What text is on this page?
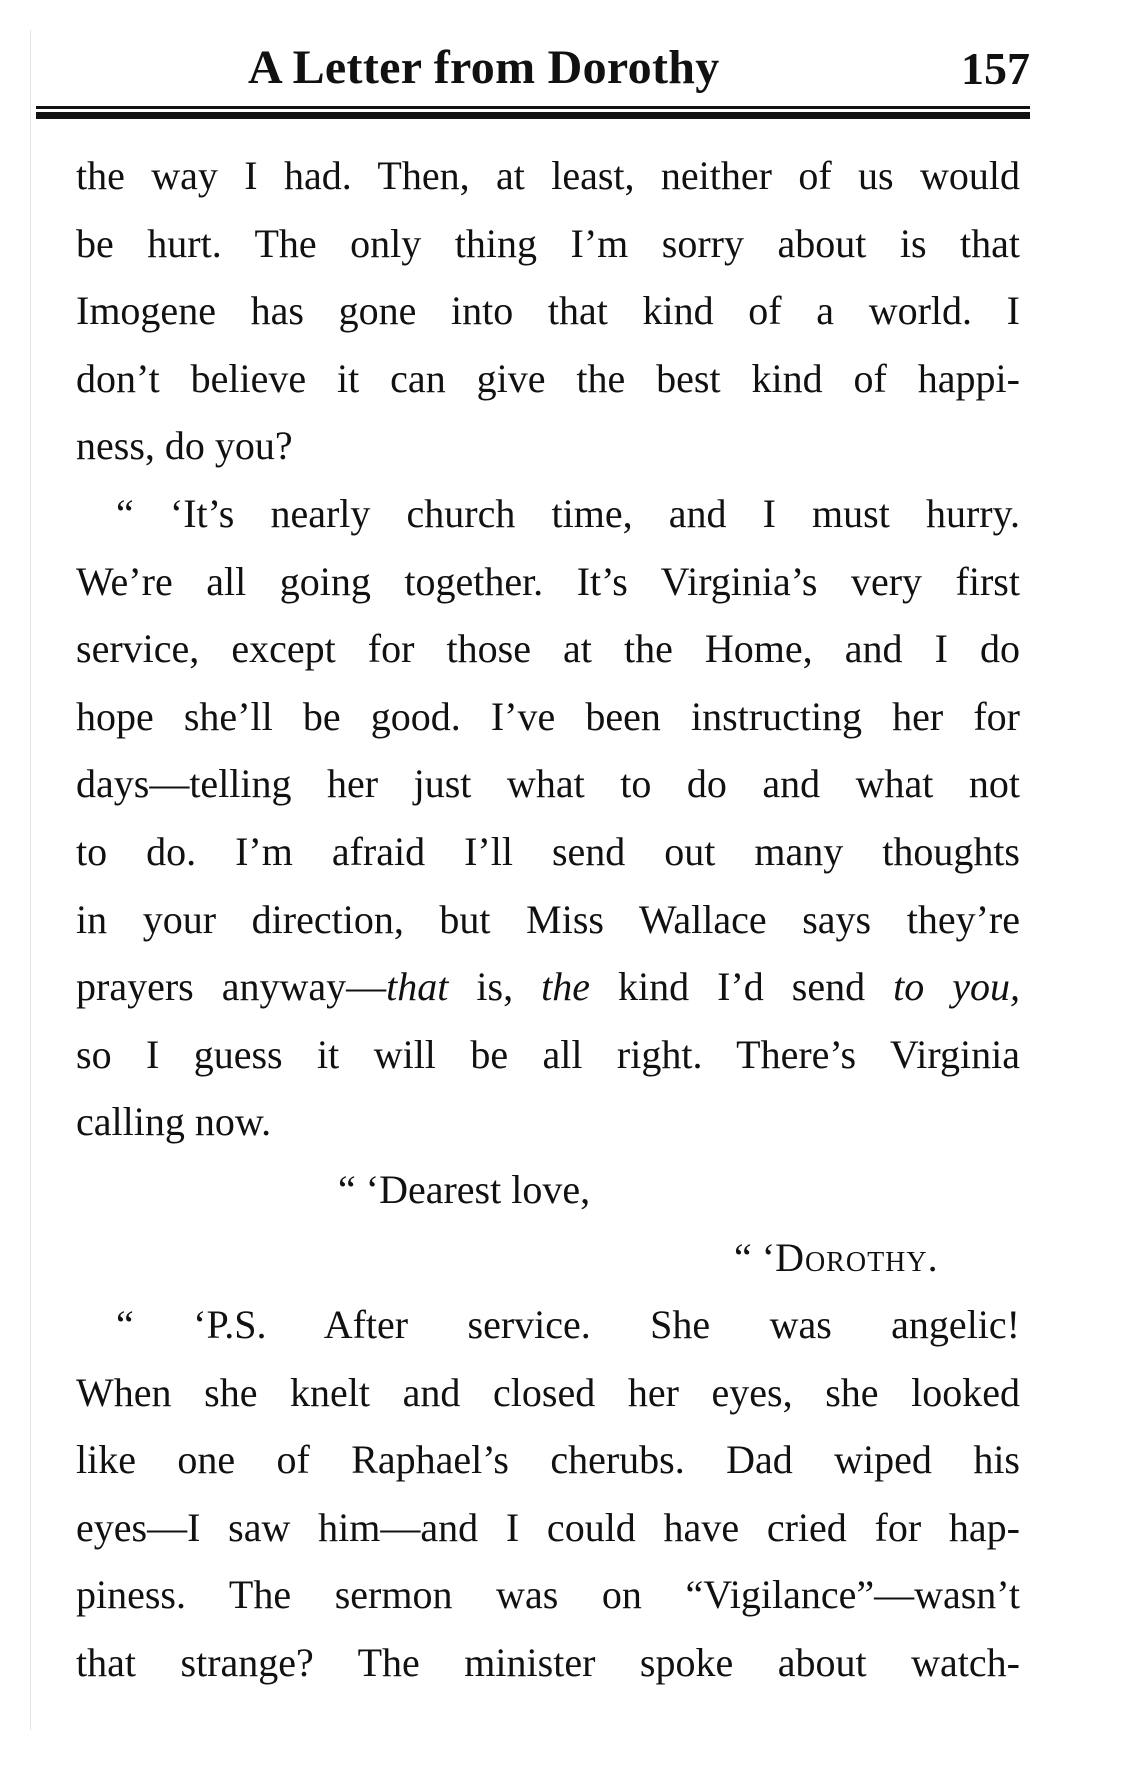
A Letter from Dorothy	157
the way I had. Then, at least, neither of us would
be hurt. The only thing I’m sorry about is that
Imogene has gone into that kind of a world. I
don’t believe it can give the best kind of happi-
ness, do you?
“ ‘It’s nearly church time, and I must hurry.
We’re all going together. It’s Virginia’s very first
service, except for those at the Home, and I do
hope she’ll be good. I’ve been instructing her for
days—telling her just what to do and what not
to do. I’m afraid I’ll send out many thoughts
in your direction, but Miss Wallace says they’re
prayers anyway—that is, the kind I’d send to you,
so I guess it will be all right. There’s Virginia
calling now.
“ ‘Dearest love,
“ ‘Dorothy.
“ ‘P.S. After service. She was angelic!
When she knelt and closed her eyes, she looked
like one of Raphael’s cherubs. Dad wiped his
eyes—I saw him—and I could have cried for hap-
piness. The sermon was on “Vigilance”—wasn’t
that strange? The minister spoke about watch-
